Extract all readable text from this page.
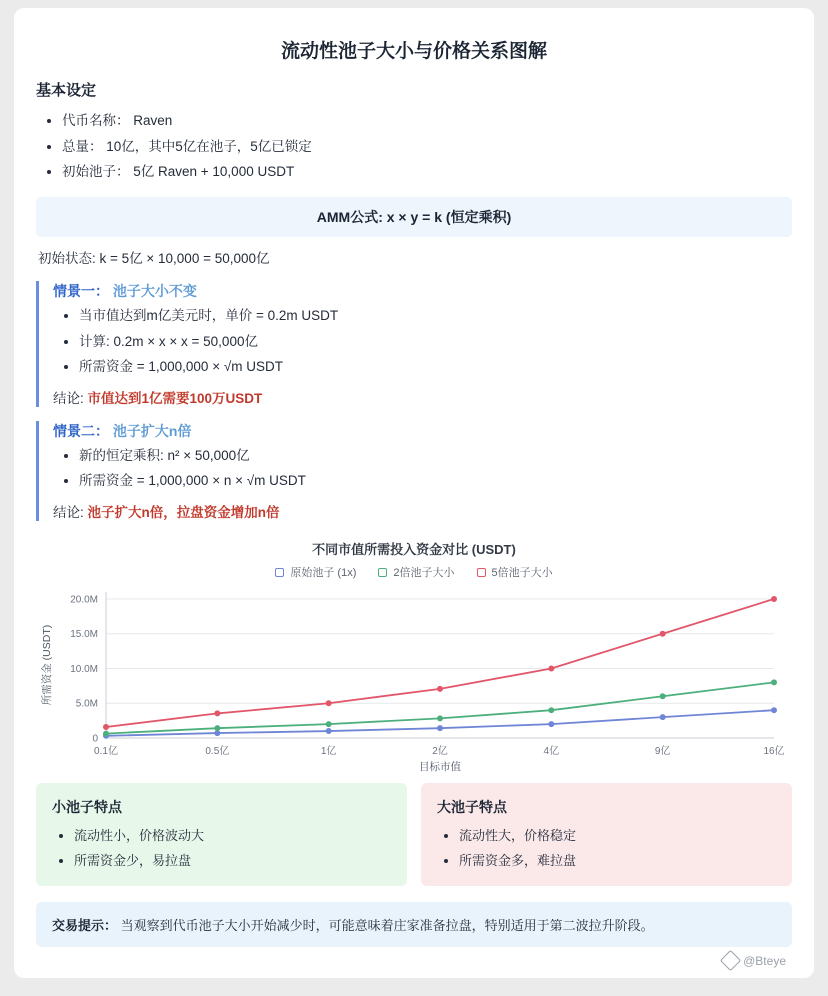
流动性池子大小与价格关系图解
基本设定
• 代币名称： Raven
• 总量： 10亿，其中5亿在池子，5亿已锁定
• 初始池子： 5亿 Raven + 10,000 USDT
AMM公式: x × y = k (恒定乘积)
初始状态: k = 5亿 × 10,000 = 50,000亿
情景一： 池子大小不变
• 当市值达到m亿美元时，单价 = 0.2m USDT
• 计算: 0.2m × x × x = 50,000亿
• 所需资金 = 1,000,000 × √m USDT
结论: 市值达到1亿需要100万USDT
情景二： 池子扩大n倍
• 新的恒定乘积: n² × 50,000亿
• 所需资金 = 1,000,000 × n × √m USDT
结论: 池子扩大n倍，拉盘资金增加n倍
不同市值所需投入资金对比 (USDT)
原始池子 (1x)	2倍池子大小	5倍池子大小
0
5.0M
10.0M
15.0M
20.0M
0.1亿	0.5亿	1亿	2亿	4亿	9亿	16亿
目标市值
所需资金 (USDT)
小池子特点
• 流动性小，价格波动大
• 所需资金少，易拉盘
大池子特点
• 流动性大，价格稳定
• 所需资金多，难拉盘
交易提示： 当观察到代币池子大小开始减少时，可能意味着庄家准备拉盘，特别适用于第二波拉升阶段。
@Bteye
